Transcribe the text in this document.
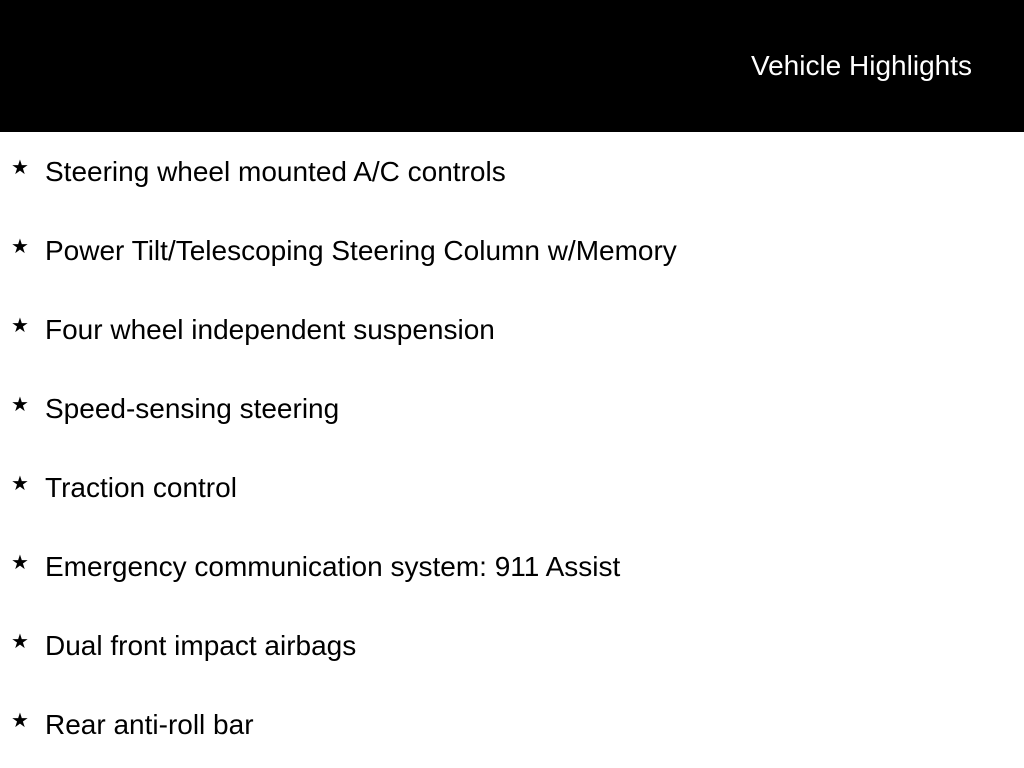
Vehicle Highlights
★ Steering wheel mounted A/C controls
★ Power Tilt/Telescoping Steering Column w/Memory
★ Four wheel independent suspension
★ Speed-sensing steering
★ Traction control
★ Emergency communication system: 911 Assist
★ Dual front impact airbags
★ Rear anti-roll bar
